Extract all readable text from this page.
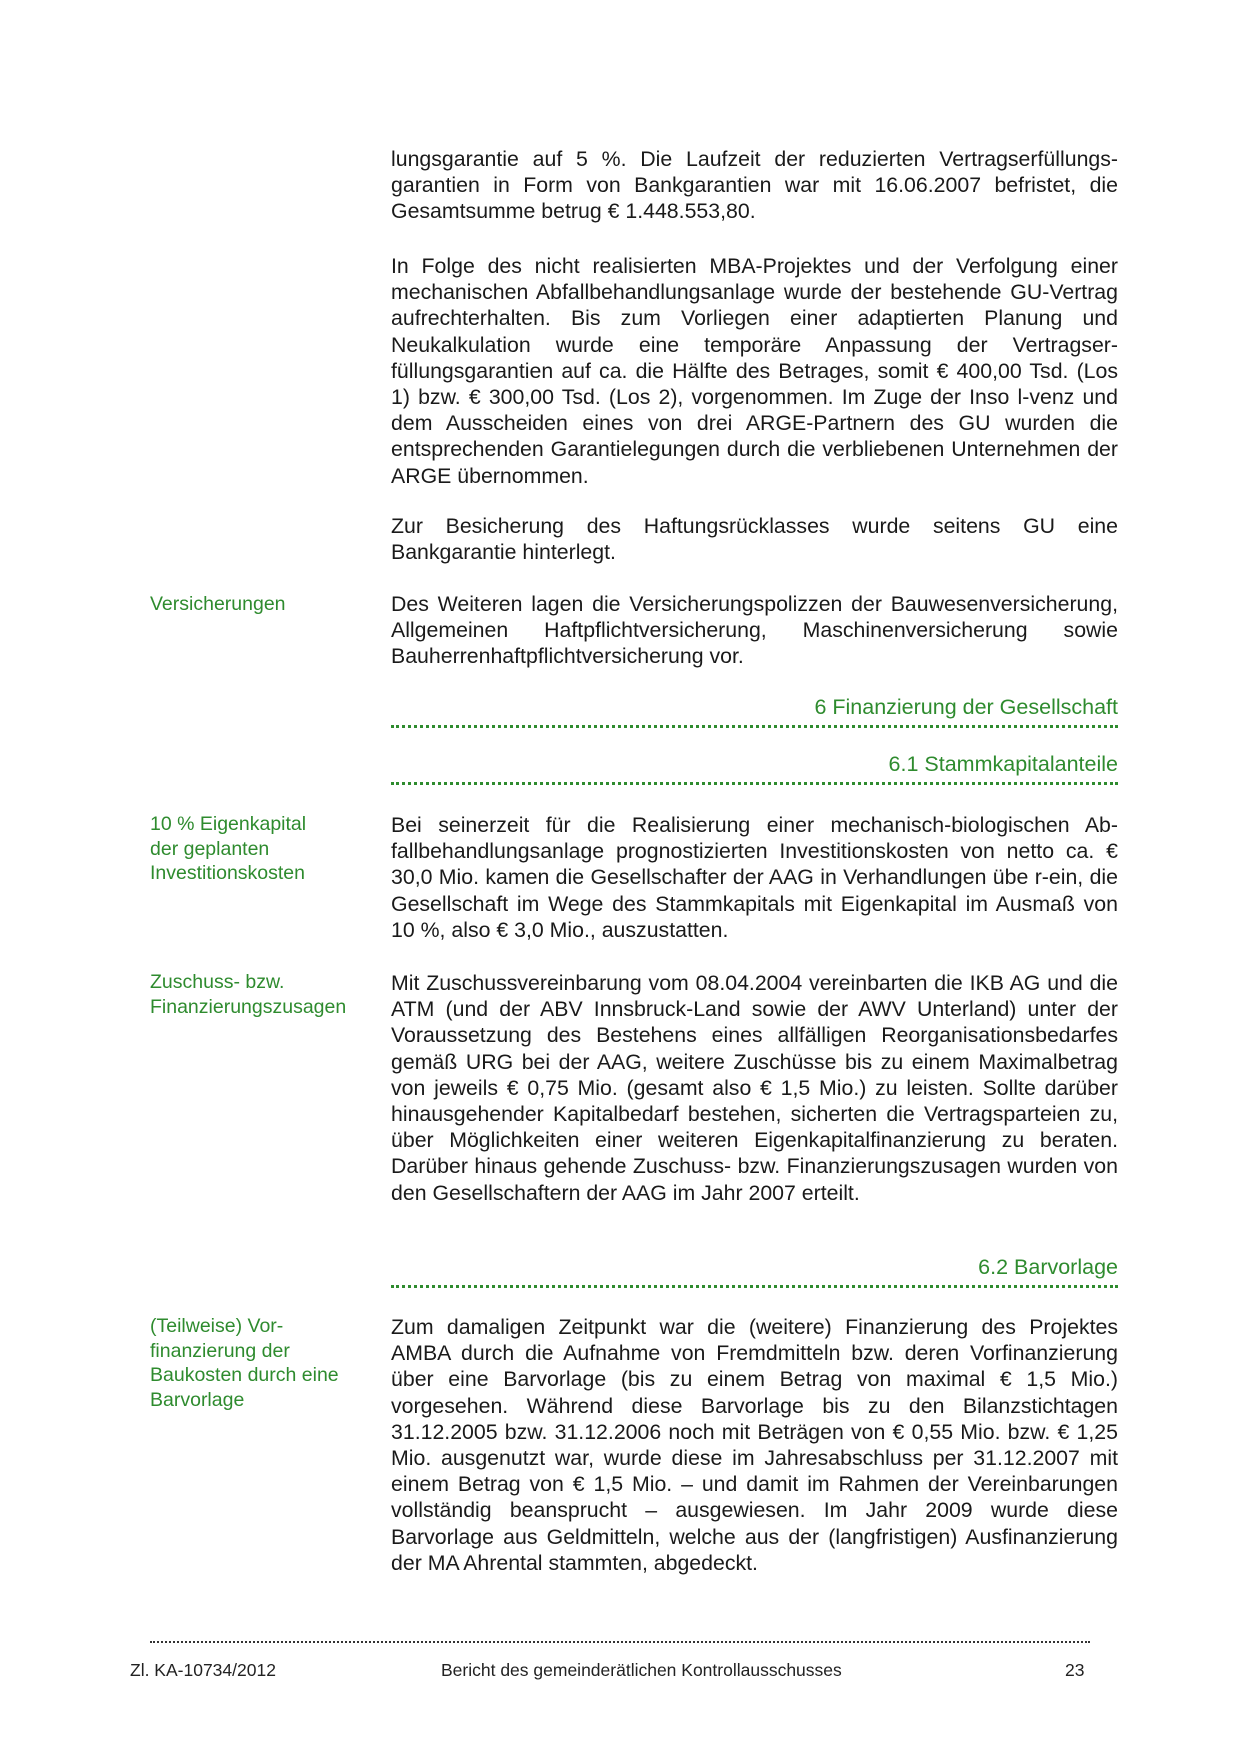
lungsgarantie auf 5 %. Die Laufzeit der reduzierten Vertragserfüllungsgarantien in Form von Bankgarantien war mit 16.06.2007 befristet, die Gesamtsumme betrug € 1.448.553,80.

In Folge des nicht realisierten MBA-Projektes und der Verfolgung einer mechanischen Abfallbehandlungsanlage wurde der bestehende GU-Vertrag aufrechterhalten. Bis zum Vorliegen einer adaptierten Planung und Neukalkulation wurde eine temporäre Anpassung der Vertragserfüllungsgarantien auf ca. die Hälfte des Betrages, somit € 400,00 Tsd. (Los 1) bzw. € 300,00 Tsd. (Los 2), vorgenommen. Im Zuge der Inso l-venz und dem Ausscheiden eines von drei ARGE-Partnern des GU wurden die entsprechenden Garantielegungen durch die verbliebenen Unternehmen der ARGE übernommen.

Zur Besicherung des Haftungsrücklasses wurde seitens GU eine Bankgarantie hinterlegt.

Versicherungen	Des Weiteren lagen die Versicherungspolizzen der Bauwesenversicherung, Allgemeinen Haftpflichtversicherung, Maschinenversicherung sowie Bauherrenhaftpflichtversicherung vor.

6 Finanzierung der Gesellschaft
6.1 Stammkapitalanteile
10 % Eigenkapital
der geplanten
Investitionskosten

Bei seinerzeit für die Realisierung einer mechanisch-biologischen Abfallbehandlungsanlage prognostizierten Investitionskosten von netto ca. € 30,0 Mio. kamen die Gesellschafter der AAG in Verhandlungen übe r-ein, die Gesellschaft im Wege des Stammkapitals mit Eigenkapital im Ausmaß von 10 %, also € 3,0 Mio., auszustatten.

Zuschuss- bzw.
Finanzierungszusagen

Mit Zuschussvereinbarung vom 08.04.2004 vereinbarten die IKB AG und die ATM (und der ABV Innsbruck-Land sowie der AWV Unterland) unter der Voraussetzung des Bestehens eines allfälligen Reorganisationsbedarfes gemäß URG bei der AAG, weitere Zuschüsse bis zu einem Maximalbetrag von jeweils € 0,75 Mio. (gesamt also € 1,5 Mio.) zu leisten. Sollte darüber hinausgehender Kapitalbedarf bestehen, sicherten die Vertragsparteien zu, über Möglichkeiten einer weiteren Eigenkapitalfinanzierung zu beraten. Darüber hinaus gehende Zuschuss- bzw. Finanzierungszusagen wurden von den Gesellschaftern der AAG im Jahr 2007 erteilt.

6.2 Barvorlage
(Teilweise) Vor-
finanzierung der
Baukosten durch eine
Barvorlage

Zum damaligen Zeitpunkt war die (weitere) Finanzierung des Projektes AMBA durch die Aufnahme von Fremdmitteln bzw. deren Vorfinanzierung über eine Barvorlage (bis zu einem Betrag von maximal € 1,5 Mio.) vorgesehen. Während diese Barvorlage bis zu den Bilanzstichtagen 31.12.2005 bzw. 31.12.2006 noch mit Beträgen von € 0,55 Mio. bzw. € 1,25 Mio. ausgenutzt war, wurde diese im Jahresabschluss per 31.12.2007 mit einem Betrag von € 1,5 Mio. – und damit im Rahmen der Vereinbarungen vollständig beansprucht – ausgewiesen. Im Jahr 2009 wurde diese Barvorlage aus Geldmitteln, welche aus der (langfristigen) Ausfinanzierung der MA Ahrental stammten, abgedeckt.

Zl. KA-10734/2012	Bericht des gemeinderätlichen Kontrollausschusses	23
